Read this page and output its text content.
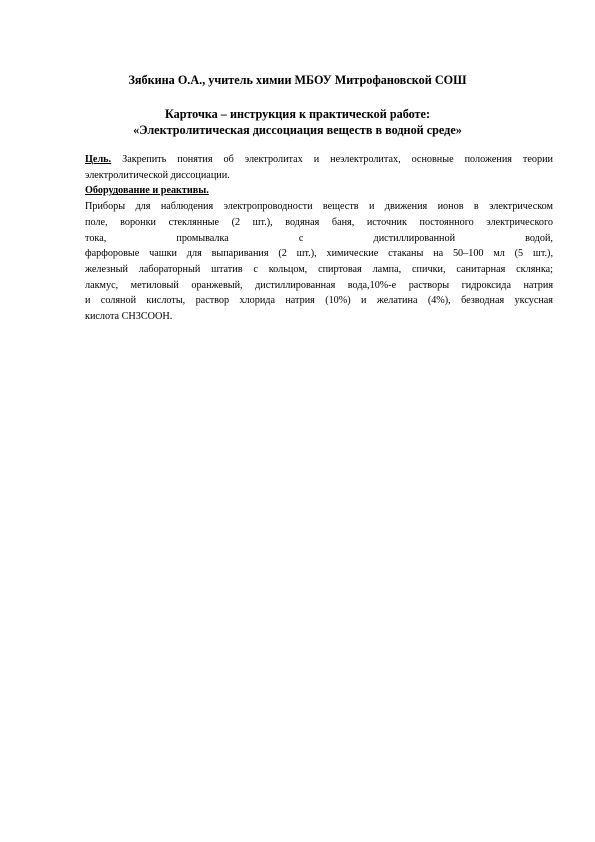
Зябкина О.А., учитель химии МБОУ Митрофановской СОШ
Карточка – инструкция к практической работе:
«Электролитическая диссоциация веществ в водной среде»
Цель. Закрепить понятия об электролитах и неэлектролитах, основные положения теории
электролитической диссоциации.
Оборудование и реактивы.
Приборы для наблюдения электропроводности веществ и движения ионов в электрическом
поле, воронки стеклянные (2 шт.), водяная баня, источник постоянного электрического
тока,	промывалка	с	дистиллированной	водой,
фарфоровые чашки для выпаривания (2 шт.), химические стаканы на 50–100 мл (5 шт.),
железный лабораторный штатив с кольцом, спиртовая лампа, спички, санитарная склянка;
лакмус, метиловый оранжевый, дистиллированная вода,10%-е растворы гидроксида натрия
и соляной кислоты, раствор хлорида натрия (10%) и желатина (4%), безводная уксусная
кислота CH3COOH.
